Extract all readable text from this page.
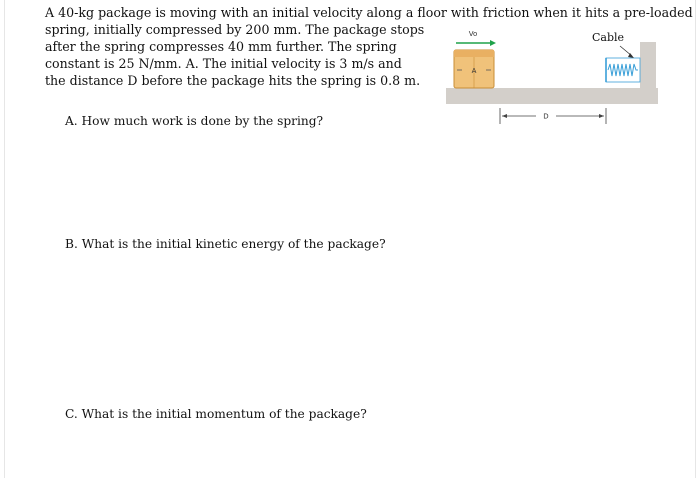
A 40-kg package is moving with an initial velocity along a floor with friction when it hits a pre-loaded
spring, initially compressed by 200 mm. The package stops after the spring compresses 40 mm further. The spring constant is 25 N/mm. A. The initial velocity is 3 m/s and the distance D before the package hits the spring is 0.8 m.
Vo
A
Cable
D
A. How much work is done by the spring?
B. What is the initial kinetic energy of the package?
C. What is the initial momentum of the package?
